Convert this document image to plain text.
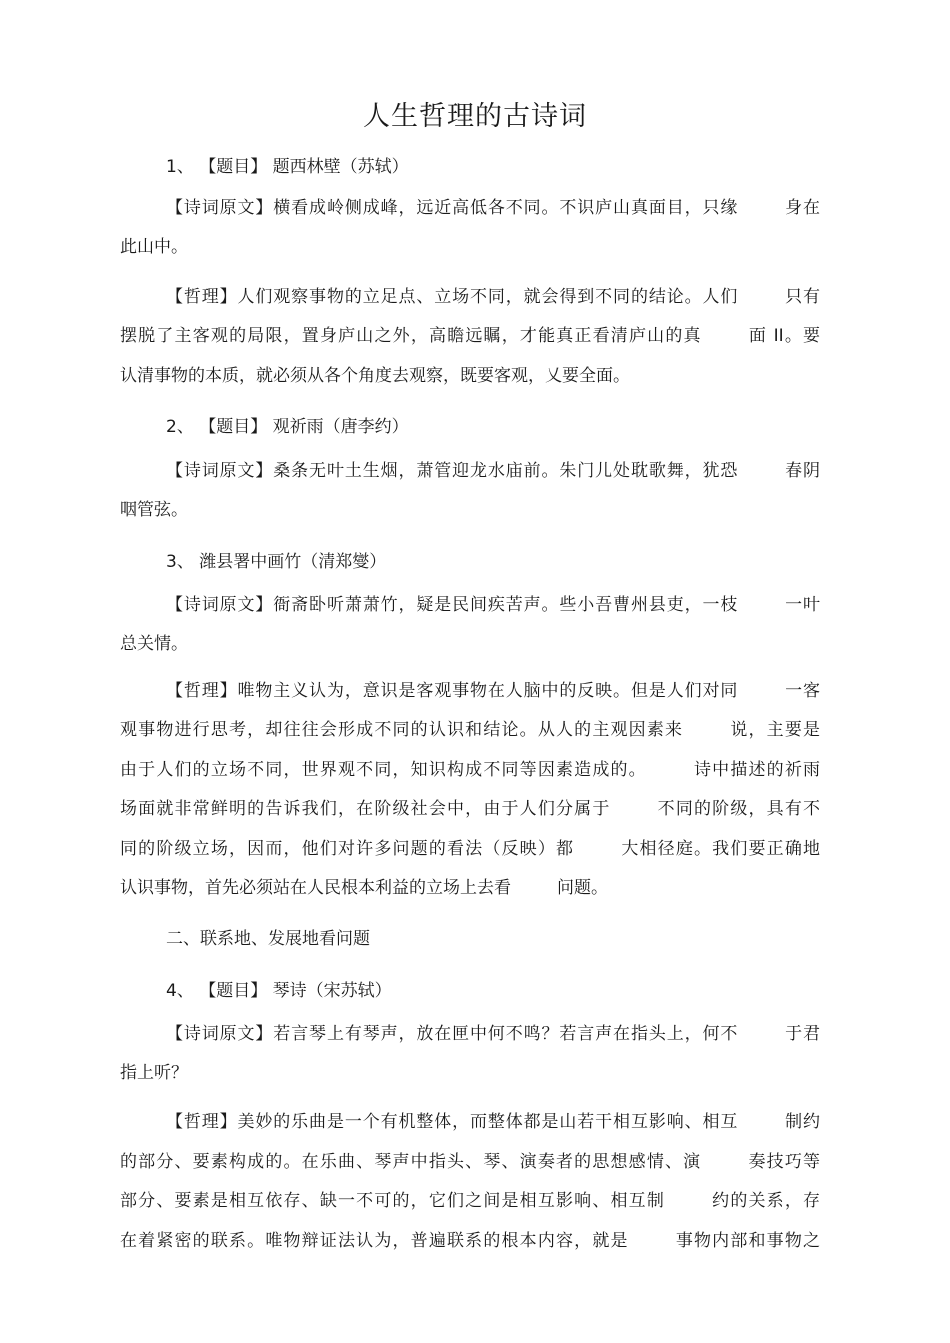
人生哲理的古诗词
1、 【题目】 题西林壁（苏轼）
【诗词原文】横看成岭侧成峰，远近高低各不同。不识庐山真面目，只缘	身在
此山中。
【哲理】人们观察事物的立足点、立场不同，就会得到不同的结论。人们	只有
摆脱了主客观的局限，置身庐山之外，高瞻远瞩，才能真正看清庐山的真	面 II。要
认清事物的本质，就必须从各个角度去观察，既要客观，乂要全面。
2、 【题目】 观祈雨（唐李约）
【诗词原文】桑条无叶土生烟，萧管迎龙水庙前。朱门儿处耽歌舞，犹恐	春阴
咽管弦。
3、 潍县署中画竹（清郑燮）
【诗词原文】衙斋卧听萧萧竹，疑是民间疾苦声。些小吾曹州县吏，一枝	一叶
总关情。
【哲理】唯物主义认为，意识是客观事物在人脑中的反映。但是人们对同	一客
观事物进行思考，却往往会形成不同的认识和结论。从人的主观因素来	说，主要是
由于人们的立场不同，世界观不同，知识构成不同等因素造成的。	诗中描述的祈雨
场面就非常鲜明的告诉我们，在阶级社会中，由于人们分属于	不同的阶级，具有不
同的阶级立场，因而，他们对许多问题的看法（反映）都	大相径庭。我们要正确地
认识事物，首先必须站在人民根本利益的立场上去看	问题。
二、联系地、发展地看问题
4、 【题目】 琴诗（宋苏轼）
【诗词原文】若言琴上有琴声，放在匣中何不鸣？若言声在指头上，何不	于君
指上听？
【哲理】美妙的乐曲是一个有机整体，而整体都是山若干相互影响、相互	制约
的部分、要素构成的。在乐曲、琴声中指头、琴、演奏者的思想感情、演	奏技巧等
部分、要素是相互依存、缺一不可的，它们之间是相互影响、相互制	约的关系，存
在着紧密的联系。唯物辩证法认为，普遍联系的根本内容，就是	事物内部和事物之
